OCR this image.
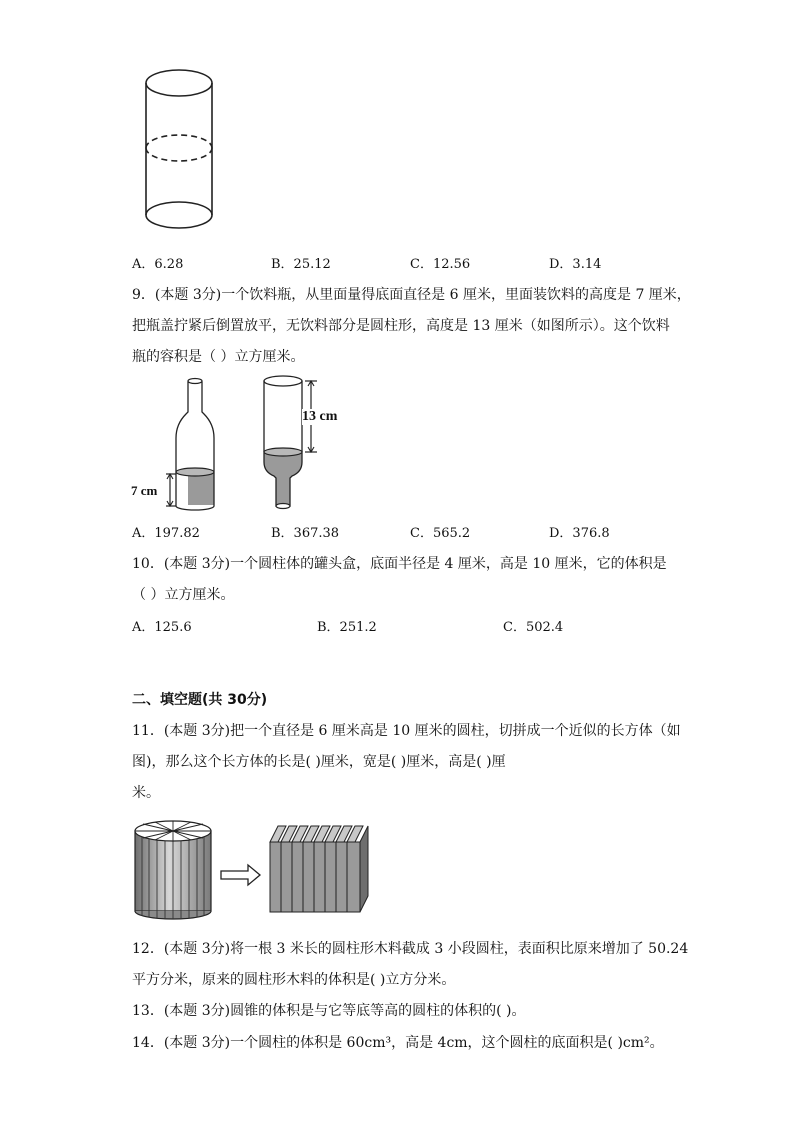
A．6.28	B．25.12	C．12.56	D．3.14
9．(本题 3分)一个饮料瓶，从里面量得底面直径是 6 厘米，里面装饮料的高度是 7 厘米，
把瓶盖拧紧后倒置放平，无饮料部分是圆柱形，高度是 13 厘米（如图所示）。这个饮料
瓶的容积是（ ）立方厘米。
7 cm
13 cm
A．197.82	B．367.38	C．565.2	D．376.8
10．(本题 3分)一个圆柱体的罐头盒，底面半径是 4 厘米，高是 10 厘米，它的体积是
（ ）立方厘米。
A．125.6	B．251.2	C．502.4
二、填空题(共 30分)
11．(本题 3分)把一个直径是 6 厘米高是 10 厘米的圆柱，切拼成一个近似的长方体（如
图)，那么这个长方体的长是( )厘米，宽是( )厘米，高是( )厘
米。
12．(本题 3分)将一根 3 米长的圆柱形木料截成 3 小段圆柱，表面积比原来增加了 50.24
平方分米，原来的圆柱形木料的体积是( )立方分米。
13．(本题 3分)圆锥的体积是与它等底等高的圆柱的体积的( )。
14．(本题 3分)一个圆柱的体积是 60cm³，高是 4cm，这个圆柱的底面积是( )cm²。
